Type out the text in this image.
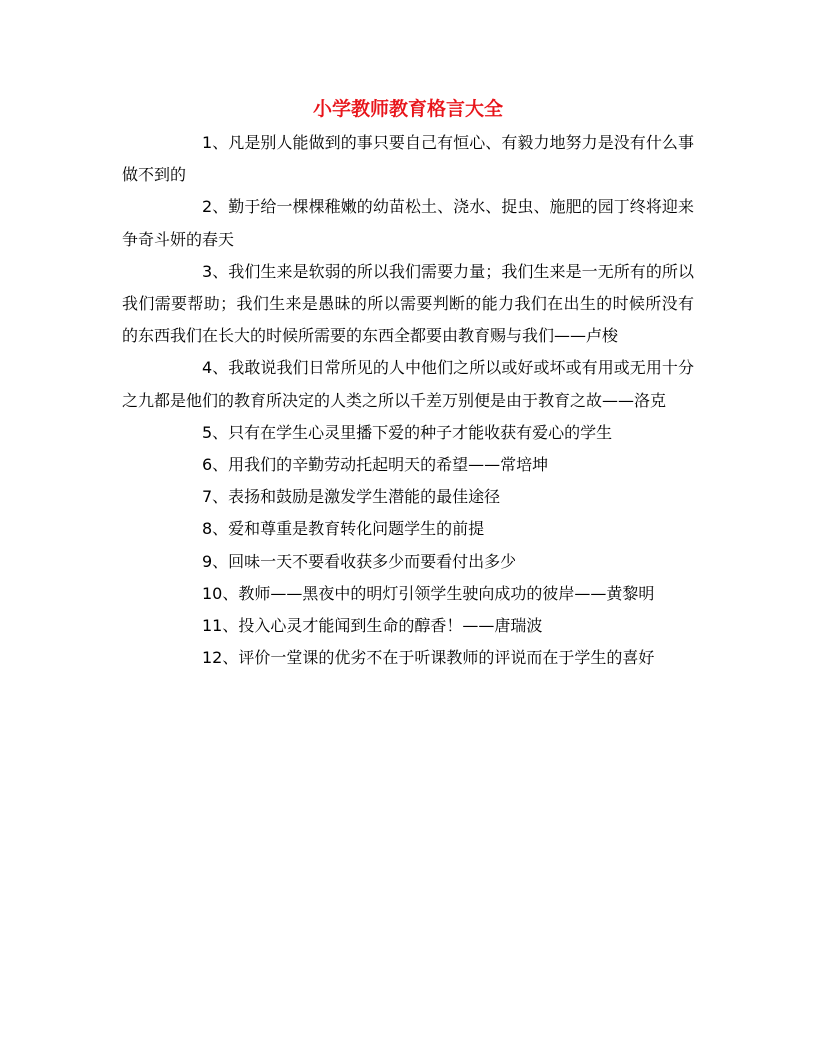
小学教师教育格言大全

1、凡是别人能做到的事只要自己有恒心、有毅力地努力是没有什么事做不到的

2、勤于给一棵棵稚嫩的幼苗松土、浇水、捉虫、施肥的园丁终将迎来争奇斗妍的春天

3、我们生来是软弱的所以我们需要力量；我们生来是一无所有的所以我们需要帮助；我们生来是愚昧的所以需要判断的能力我们在出生的时候所没有的东西我们在长大的时候所需要的东西全都要由教育赐与我们——卢梭

4、我敢说我们日常所见的人中他们之所以或好或坏或有用或无用十分之九都是他们的教育所决定的人类之所以千差万别便是由于教育之故——洛克

5、只有在学生心灵里播下爱的种子才能收获有爱心的学生

6、用我们的辛勤劳动托起明天的希望——常培坤

7、表扬和鼓励是激发学生潜能的最佳途径

8、爱和尊重是教育转化问题学生的前提

9、回味一天不要看收获多少而要看付出多少

10、教师——黑夜中的明灯引领学生驶向成功的彼岸——黄黎明

11、投入心灵才能闻到生命的醇香！——唐瑞波

12、评价一堂课的优劣不在于听课教师的评说而在于学生的喜好
